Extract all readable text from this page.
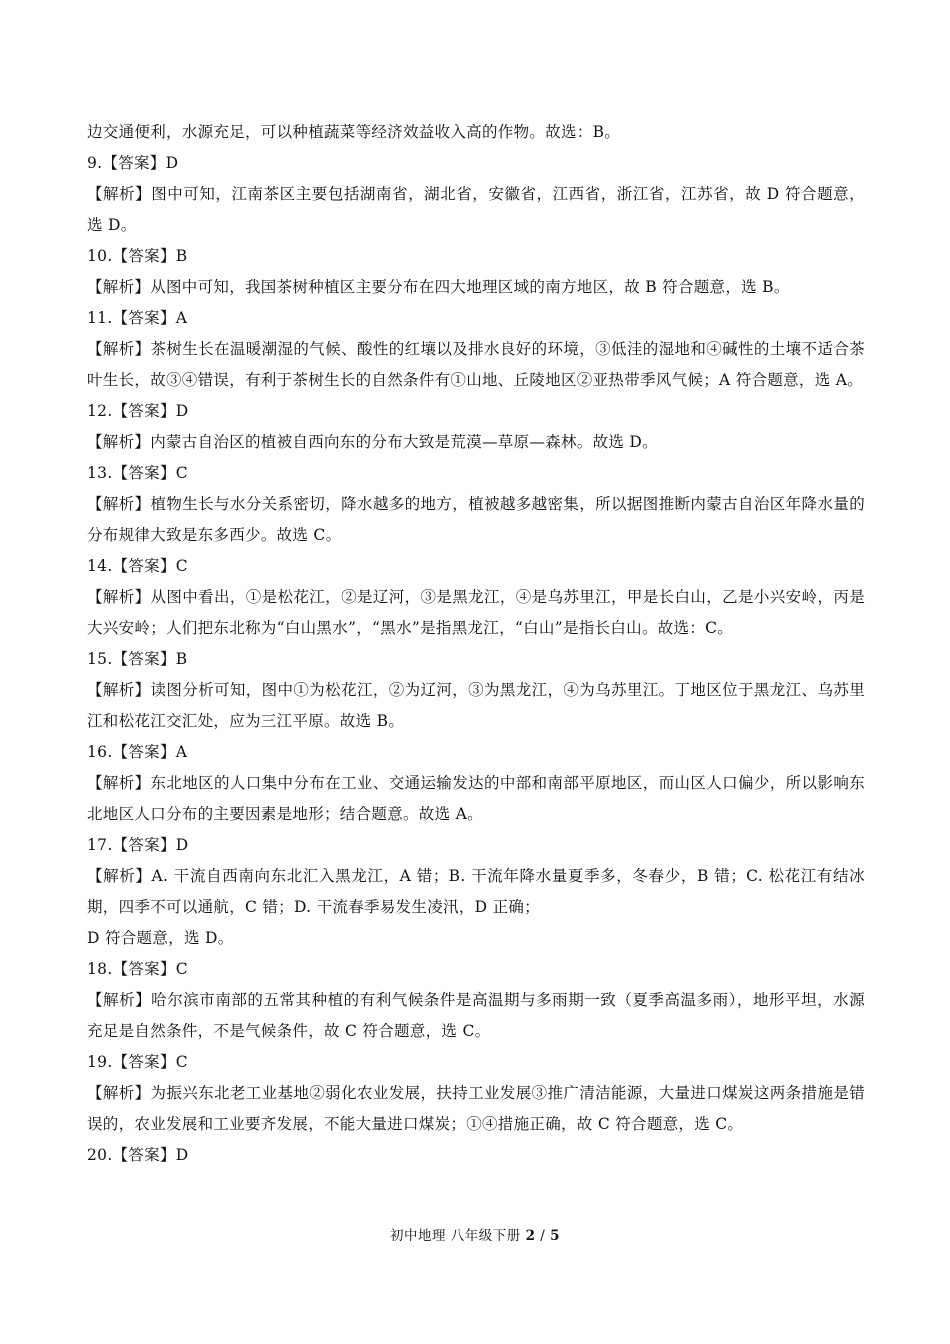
边交通便利，水源充足，可以种植蔬菜等经济效益收入高的作物。故选：B。
9.【答案】D
【解析】图中可知，江南茶区主要包括湖南省，湖北省，安徽省，江西省，浙江省，江苏省，故 D 符合题意，选 D。
10.【答案】B
【解析】从图中可知，我国茶树种植区主要分布在四大地理区域的南方地区，故 B 符合题意，选 B。
11.【答案】A
【解析】茶树生长在温暖潮湿的气候、酸性的红壤以及排水良好的环境，③低洼的湿地和④碱性的土壤不适合茶叶生长，故③④错误，有利于茶树生长的自然条件有①山地、丘陵地区②亚热带季风气候；A 符合题意，选 A。
12.【答案】D
【解析】内蒙古自治区的植被自西向东的分布大致是荒漠—草原—森林。故选 D。
13.【答案】C
【解析】植物生长与水分关系密切，降水越多的地方，植被越多越密集，所以据图推断内蒙古自治区年降水量的分布规律大致是东多西少。故选 C。
14.【答案】C
【解析】从图中看出，①是松花江，②是辽河，③是黑龙江，④是乌苏里江，甲是长白山，乙是小兴安岭，丙是大兴安岭；人们把东北称为“白山黑水”，“黑水”是指黑龙江，“白山”是指长白山。故选：C。
15.【答案】B
【解析】读图分析可知，图中①为松花江，②为辽河，③为黑龙江，④为乌苏里江。丁地区位于黑龙江、乌苏里江和松花江交汇处，应为三江平原。故选 B。
16.【答案】A
【解析】东北地区的人口集中分布在工业、交通运输发达的中部和南部平原地区，而山区人口偏少，所以影响东北地区人口分布的主要因素是地形；结合题意。故选 A。
17.【答案】D
【解析】A. 干流自西南向东北汇入黑龙江，A 错；B. 干流年降水量夏季多，冬春少，B 错；C. 松花江有结冰期，四季不可以通航，C 错；D. 干流春季易发生凌汛，D 正确；
D 符合题意，选 D。
18.【答案】C
【解析】哈尔滨市南部的五常其种植的有利气候条件是高温期与多雨期一致（夏季高温多雨），地形平坦，水源充足是自然条件，不是气候条件，故 C 符合题意，选 C。
19.【答案】C
【解析】为振兴东北老工业基地②弱化农业发展，扶持工业发展③推广清洁能源，大量进口煤炭这两条措施是错误的，农业发展和工业要齐发展，不能大量进口煤炭；①④措施正确，故 C 符合题意，选 C。
20.【答案】D
初中地理 八年级下册 2 / 5
